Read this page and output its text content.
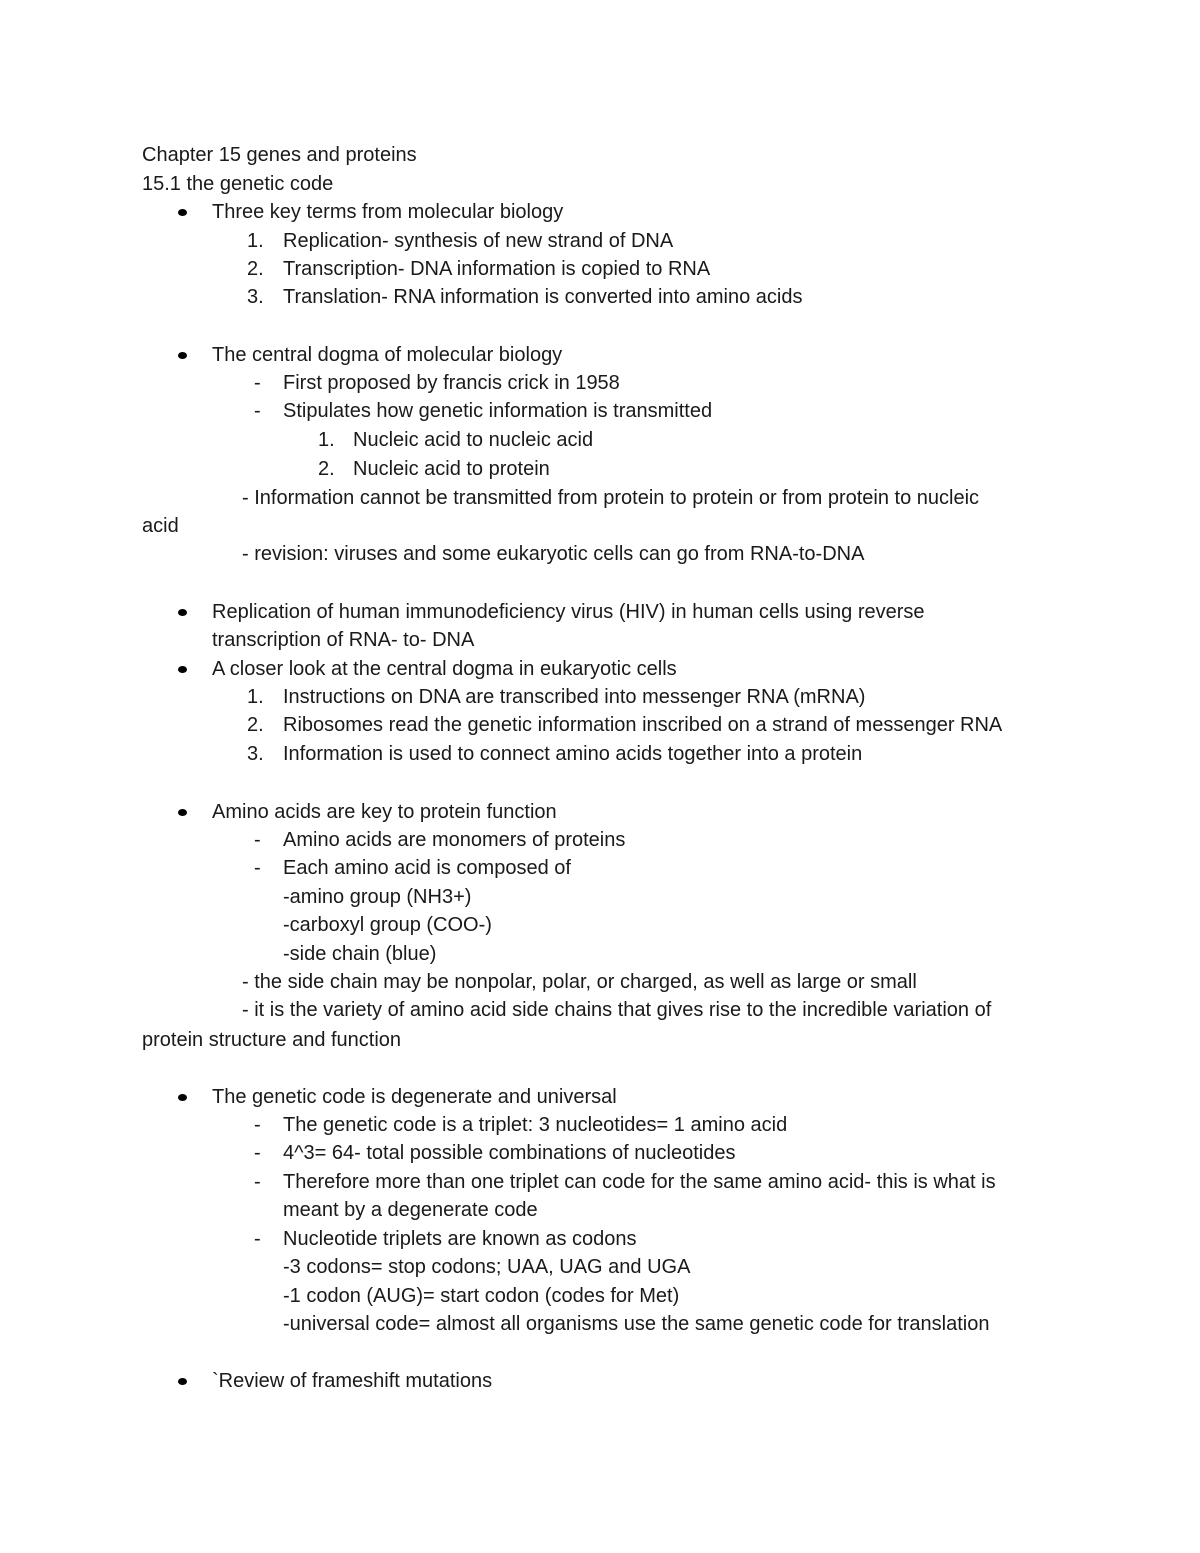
Chapter 15 genes and proteins
15.1 the genetic code
Three key terms from molecular biology
1. Replication- synthesis of new strand of DNA
2. Transcription- DNA information is copied to RNA
3. Translation- RNA information is converted into amino acids
The central dogma of molecular biology
- First proposed by francis crick in 1958
- Stipulates how genetic information is transmitted
1. Nucleic acid to nucleic acid
2. Nucleic acid to protein
- Information cannot be transmitted from protein to protein or from protein to nucleic
acid
- revision: viruses and some eukaryotic cells can go from RNA-to-DNA
Replication of human immunodeficiency virus (HIV) in human cells using reverse
transcription of RNA- to- DNA
A closer look at the central dogma in eukaryotic cells
1. Instructions on DNA are transcribed into messenger RNA (mRNA)
2. Ribosomes read the genetic information inscribed on a strand of messenger RNA
3. Information is used to connect amino acids together into a protein
Amino acids are key to protein function
- Amino acids are monomers of proteins
- Each amino acid is composed of
-amino group (NH3+)
-carboxyl group (COO-)
-side chain (blue)
- the side chain may be nonpolar, polar, or charged, as well as large or small
- it is the variety of amino acid side chains that gives rise to the incredible variation of
protein structure and function
The genetic code is degenerate and universal
- The genetic code is a triplet: 3 nucleotides= 1 amino acid
- 4^3= 64- total possible combinations of nucleotides
- Therefore more than one triplet can code for the same amino acid- this is what is
meant by a degenerate code
- Nucleotide triplets are known as codons
-3 codons= stop codons; UAA, UAG and UGA
-1 codon (AUG)= start codon (codes for Met)
-universal code= almost all organisms use the same genetic code for translation
`Review of frameshift mutations
